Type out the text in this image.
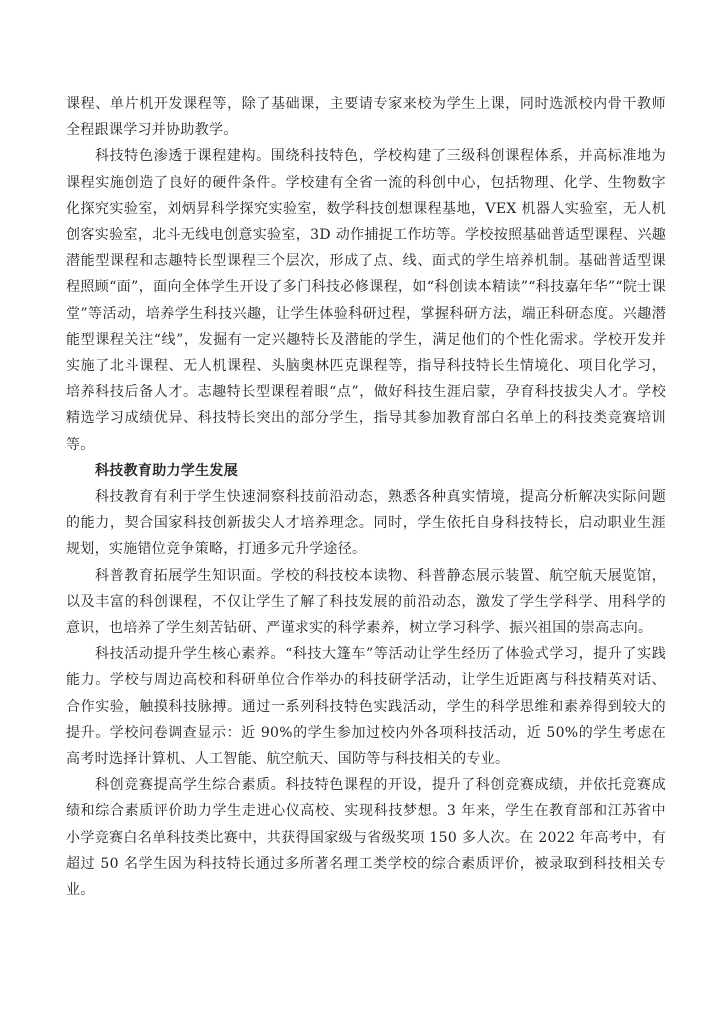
课程、单片机开发课程等，除了基础课，主要请专家来校为学生上课，同时选派校内骨干教师全程跟课学习并协助教学。

科技特色渗透于课程建构。围绕科技特色，学校构建了三级科创课程体系，并高标准地为课程实施创造了良好的硬件条件。学校建有全省一流的科创中心，包括物理、化学、生物数字化探究实验室，刘炳昇科学探究实验室，数学科技创想课程基地，VEX 机器人实验室，无人机创客实验室，北斗无线电创意实验室，3D 动作捕捉工作坊等。学校按照基础普适型课程、兴趣潜能型课程和志趣特长型课程三个层次，形成了点、线、面式的学生培养机制。基础普适型课程照顾“面”，面向全体学生开设了多门科技必修课程，如“科创读本精读”“科技嘉年华”“院士课堂”等活动，培养学生科技兴趣，让学生体验科研过程，掌握科研方法，端正科研态度。兴趣潜能型课程关注“线”，发掘有一定兴趣特长及潜能的学生，满足他们的个性化需求。学校开发并实施了北斗课程、无人机课程、头脑奥林匹克课程等，指导科技特长生情境化、项目化学习，培养科技后备人才。志趣特长型课程着眼“点”，做好科技生涯启蒙，孕育科技拔尖人才。学校精选学习成绩优异、科技特长突出的部分学生，指导其参加教育部白名单上的科技类竞赛培训等。

科技教育助力学生发展

科技教育有利于学生快速洞察科技前沿动态，熟悉各种真实情境，提高分析解决实际问题的能力，契合国家科技创新拔尖人才培养理念。同时，学生依托自身科技特长，启动职业生涯规划，实施错位竞争策略，打通多元升学途径。

科普教育拓展学生知识面。学校的科技校本读物、科普静态展示装置、航空航天展览馆，以及丰富的科创课程，不仅让学生了解了科技发展的前沿动态，激发了学生学科学、用科学的意识，也培养了学生刻苦钻研、严谨求实的科学素养，树立学习科学、振兴祖国的崇高志向。

科技活动提升学生核心素养。“科技大篷车”等活动让学生经历了体验式学习，提升了实践能力。学校与周边高校和科研单位合作举办的科技研学活动，让学生近距离与科技精英对话、合作实验，触摸科技脉搏。通过一系列科技特色实践活动，学生的科学思维和素养得到较大的提升。学校问卷调查显示：近 90%的学生参加过校内外各项科技活动，近 50%的学生考虑在高考时选择计算机、人工智能、航空航天、国防等与科技相关的专业。

科创竞赛提高学生综合素质。科技特色课程的开设，提升了科创竞赛成绩，并依托竞赛成绩和综合素质评价助力学生走进心仪高校、实现科技梦想。3 年来，学生在教育部和江苏省中小学竞赛白名单科技类比赛中，共获得国家级与省级奖项 150 多人次。在 2022 年高考中，有超过 50 名学生因为科技特长通过多所著名理工类学校的综合素质评价，被录取到科技相关专业。
